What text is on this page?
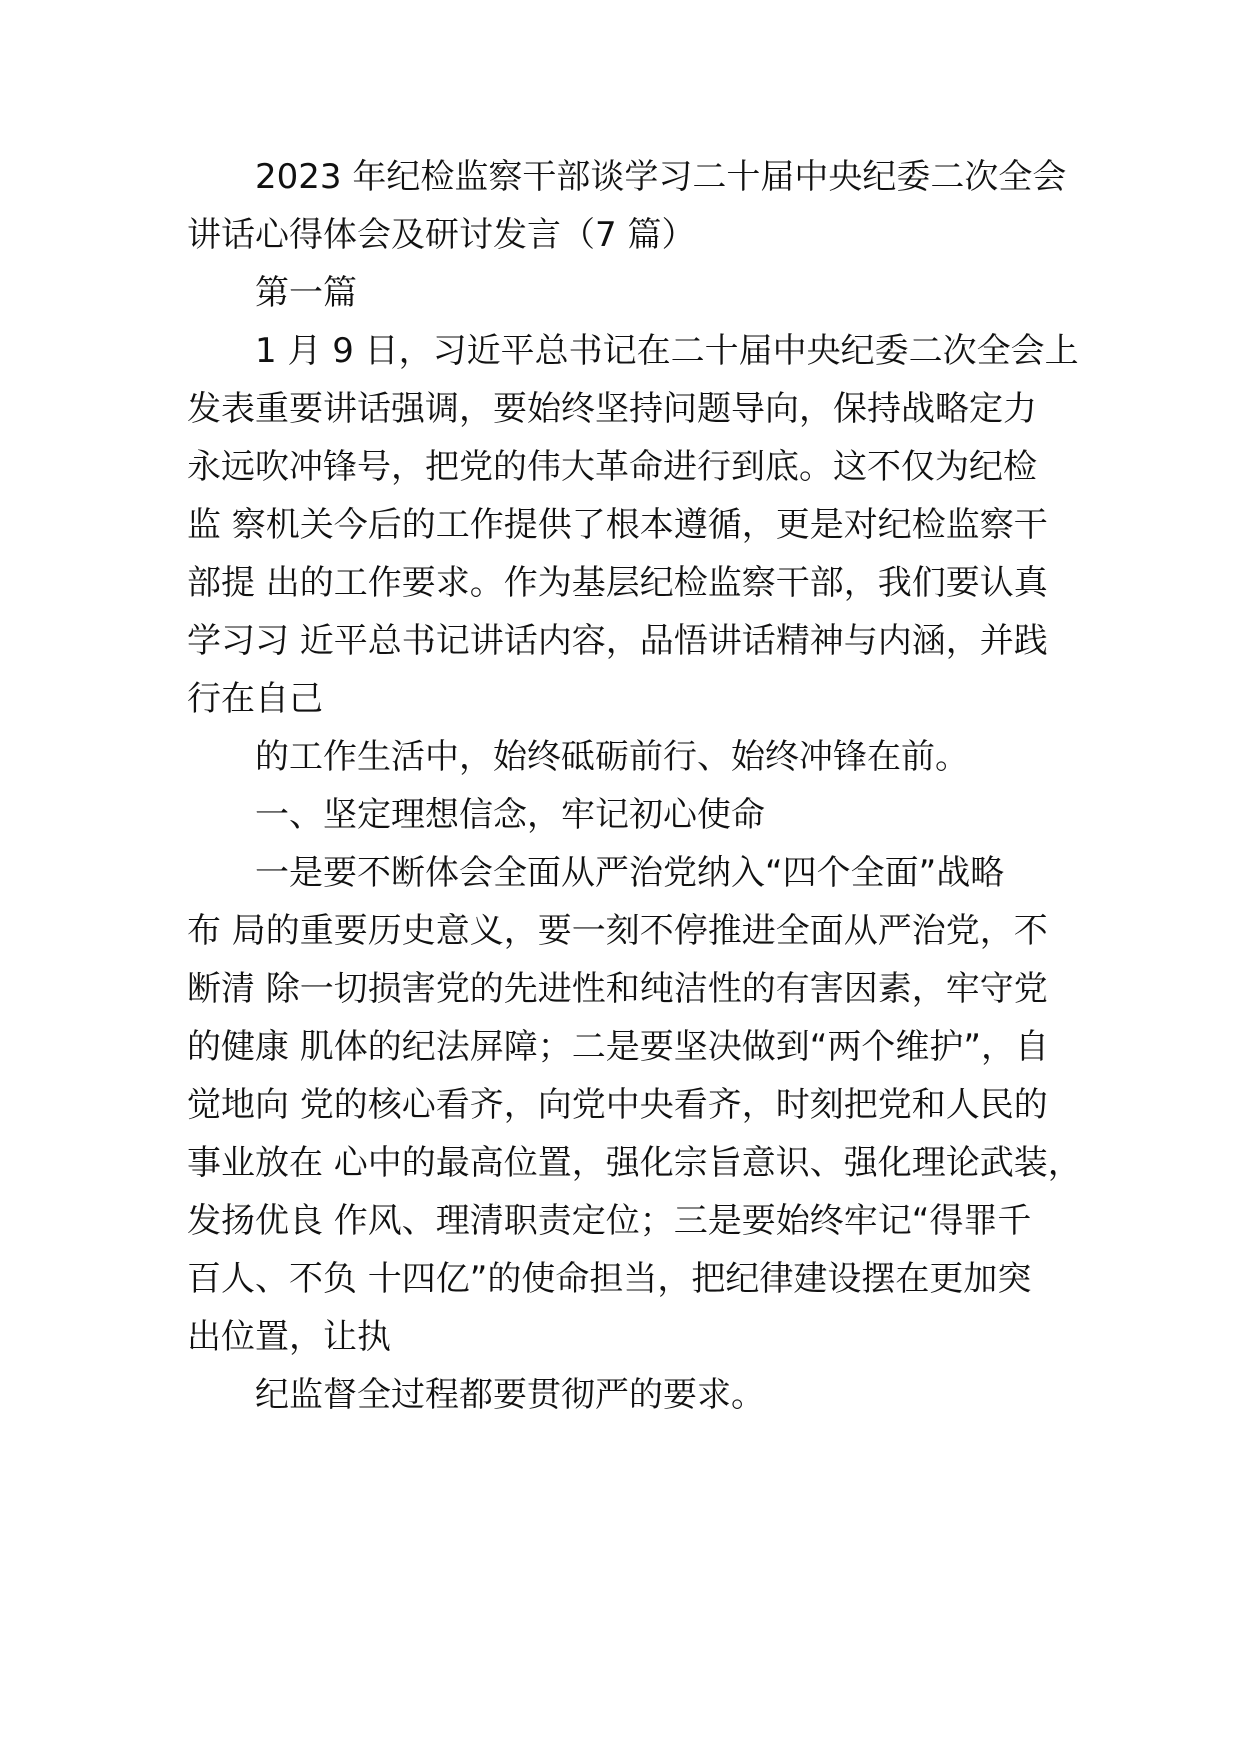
2023 年纪检监察干部谈学习二十届中央纪委二次全会

讲话心得体会及研讨发言（7 篇）

第一篇

1 月 9 日，习近平总书记在二十届中央纪委二次全会上

发表重要讲话强调，要始终坚持问题导向，保持战略定力

永远吹冲锋号，把党的伟大革命进行到底。这不仅为纪检

监 察机关今后的工作提供了根本遵循，更是对纪检监察干

部提 出的工作要求。作为基层纪检监察干部，我们要认真

学习习 近平总书记讲话内容，品悟讲话精神与内涵，并践

行在自己

的工作生活中，始终砥砺前行、始终冲锋在前。

一、坚定理想信念，牢记初心使命

一是要不断体会全面从严治党纳入“四个全面”战略

布 局的重要历史意义，要一刻不停推进全面从严治党，不

断清 除一切损害党的先进性和纯洁性的有害因素，牢守党

的健康 肌体的纪法屏障；二是要坚决做到“两个维护”，自

觉地向 党的核心看齐，向党中央看齐，时刻把党和人民的

事业放在 心中的最高位置，强化宗旨意识、强化理论武装，

发扬优良 作风、理清职责定位；三是要始终牢记“得罪千

百人、不负 十四亿”的使命担当，把纪律建设摆在更加突

出位置，让执

纪监督全过程都要贯彻严的要求。
